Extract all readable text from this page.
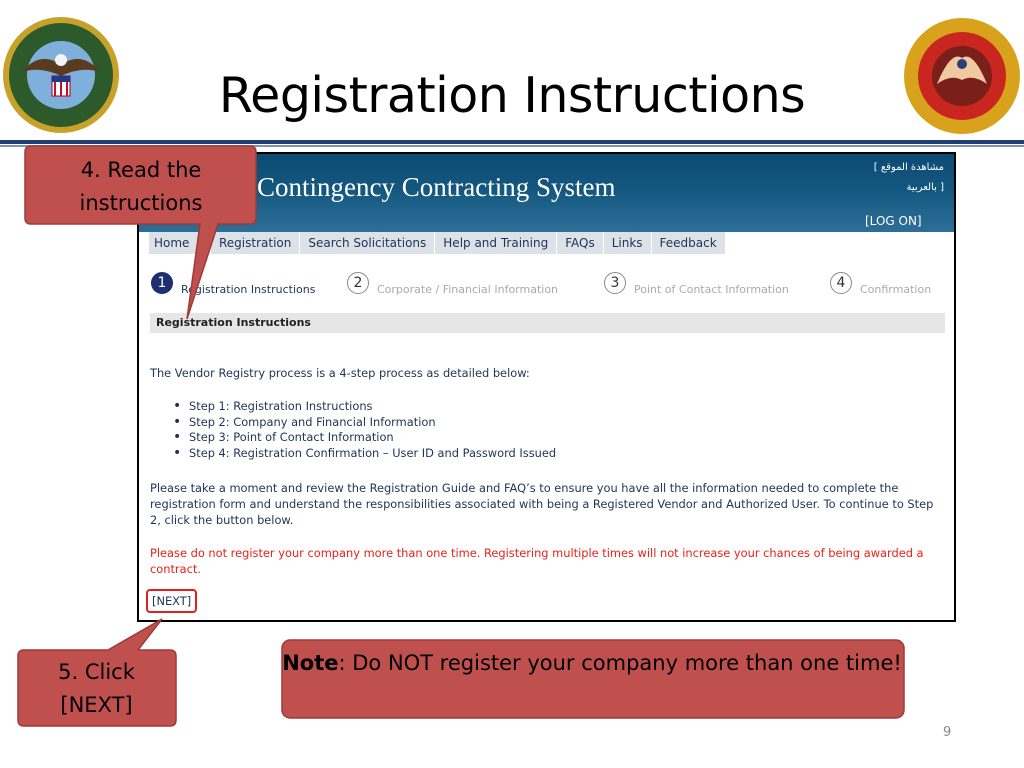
Registration Instructions
Contingency Contracting System
[ مشاهدة الموقع
بالعربية ]
[LOG ON]
Home	Registration	Search Solicitations	Help and Training	FAQs	Links	Feedback
1	Registration Instructions	2	Corporate / Financial Information	3	Point of Contact Information	4	Confirmation
Registration Instructions
The Vendor Registry process is a 4-step process as detailed below:
• Step 1: Registration Instructions
• Step 2: Company and Financial Information
• Step 3: Point of Contact Information
• Step 4: Registration Confirmation – User ID and Password Issued
Please take a moment and review the Registration Guide and FAQ’s to ensure you have all the information needed to complete the registration form and understand the responsibilities associated with being a Registered Vendor and Authorized User. To continue to Step 2, click the button below.
Please do not register your company more than one time. Registering multiple times will not increase your chances of being awarded a contract.
[NEXT]
4. Read the
instructions
5. Click
[NEXT]
Note: Do NOT register your company more than one time!
9
